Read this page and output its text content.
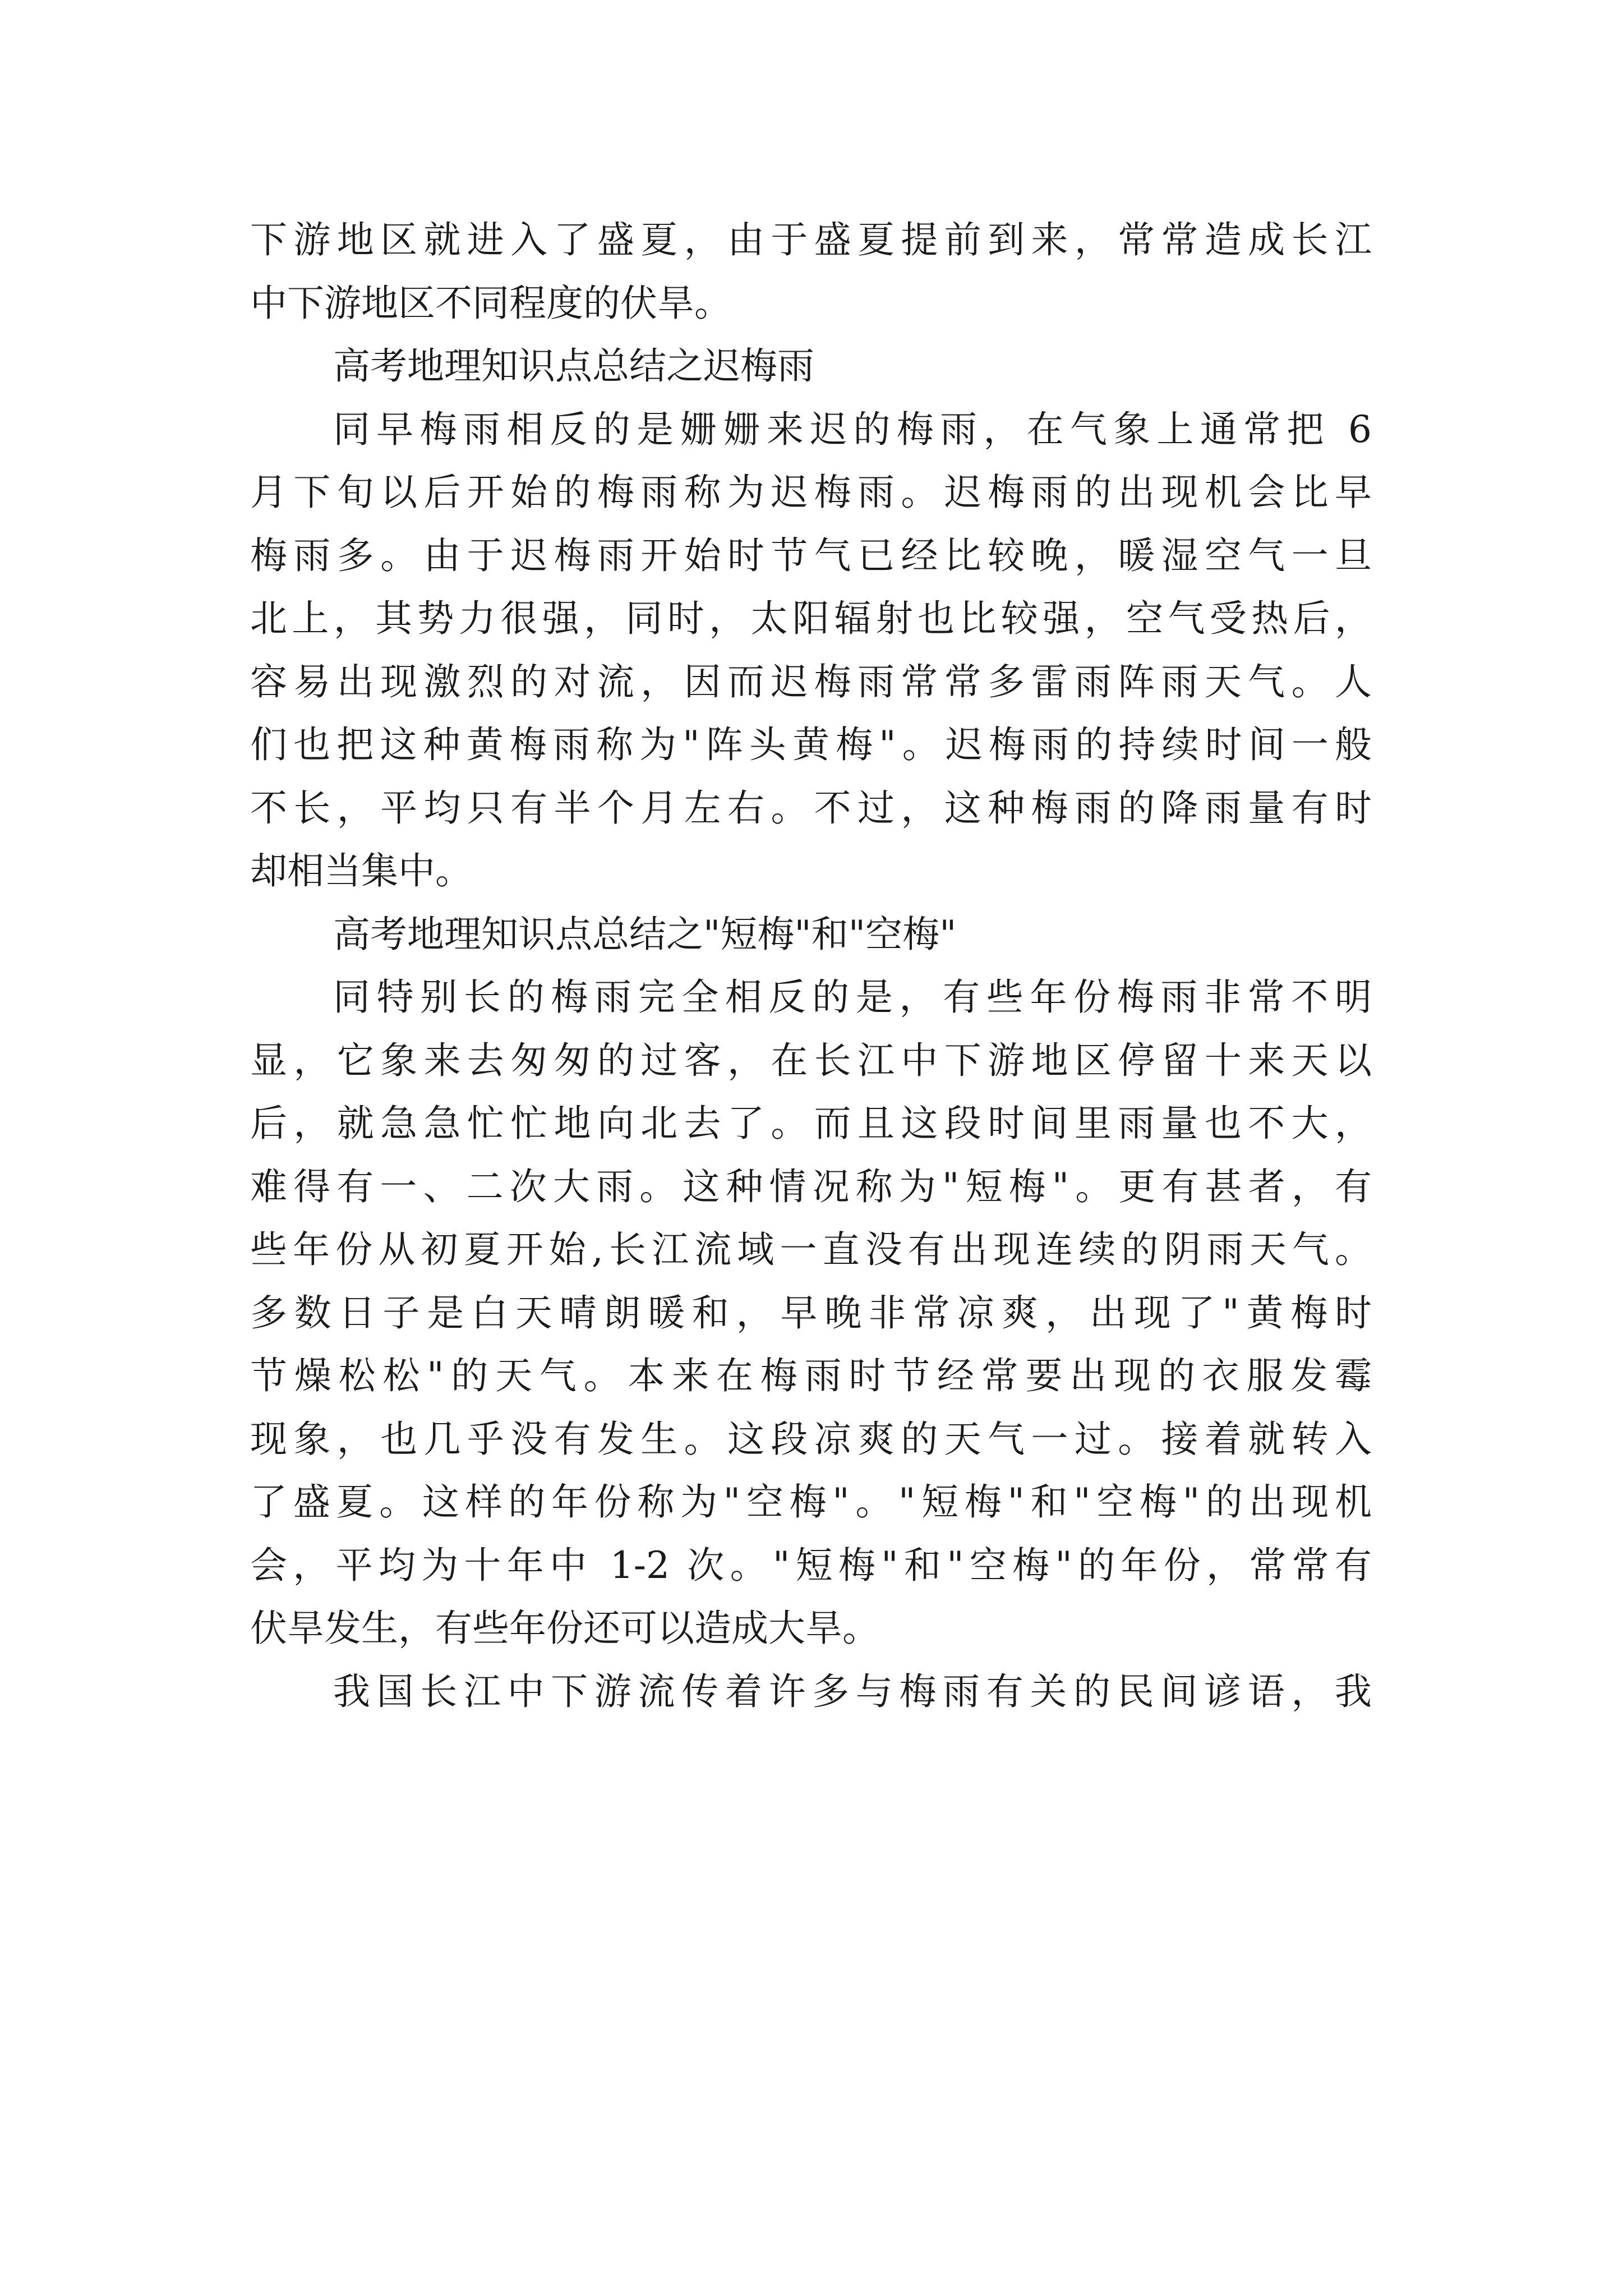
下游地区就进入了盛夏，由于盛夏提前到来，常常造成长江
中下游地区不同程度的伏旱。
高考地理知识点总结之迟梅雨
同早梅雨相反的是姗姗来迟的梅雨，在气象上通常把 6
月下旬以后开始的梅雨称为迟梅雨。迟梅雨的出现机会比早
梅雨多。由于迟梅雨开始时节气已经比较晚，暖湿空气一旦
北上，其势力很强，同时，太阳辐射也比较强，空气受热后，
容易出现激烈的对流，因而迟梅雨常常多雷雨阵雨天气。人
们也把这种黄梅雨称为"阵头黄梅"。迟梅雨的持续时间一般
不长，平均只有半个月左右。不过，这种梅雨的降雨量有时
却相当集中。
高考地理知识点总结之"短梅"和"空梅"
同特别长的梅雨完全相反的是，有些年份梅雨非常不明
显，它象来去匆匆的过客，在长江中下游地区停留十来天以
后，就急急忙忙地向北去了。而且这段时间里雨量也不大，
难得有一、二次大雨。这种情况称为"短梅"。更有甚者，有
些年份从初夏开始,长江流域一直没有出现连续的阴雨天气。
多数日子是白天晴朗暖和，早晚非常凉爽，出现了"黄梅时
节燥松松"的天气。本来在梅雨时节经常要出现的衣服发霉
现象，也几乎没有发生。这段凉爽的天气一过。接着就转入
了盛夏。这样的年份称为"空梅"。"短梅"和"空梅"的出现机
会，平均为十年中 1-2 次。"短梅"和"空梅"的年份，常常有
伏旱发生，有些年份还可以造成大旱。
我国长江中下游流传着许多与梅雨有关的民间谚语，我
